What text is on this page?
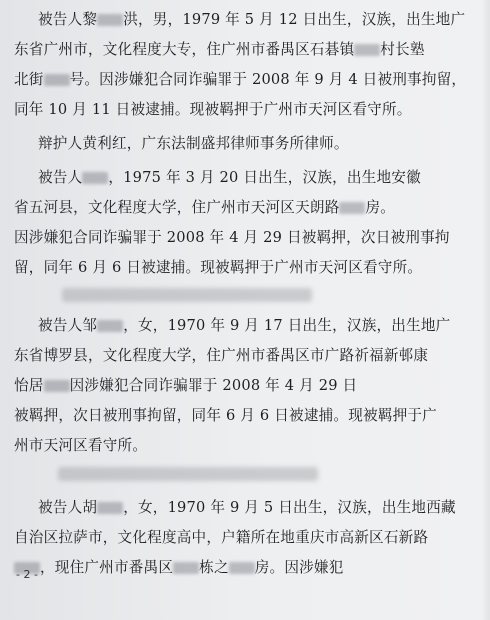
被告人黎 洪，男，1979 年 5 月 12 日出生，汉族，出生地广
东省广州市，文化程度大专，住广州市番禺区石碁镇 村长塾
北街 号。因涉嫌犯合同诈骗罪于 2008 年 9 月 4 日被刑事拘留，
同年 10 月 11 日被逮捕。现被羁押于广州市天河区看守所。
辩护人黄利红，广东法制盛邦律师事务所律师。
被告人 ，1975 年 3 月 20 日出生，汉族，出生地安徽
省五河县，文化程度大学，住广州市天河区天朗路 房。
因涉嫌犯合同诈骗罪于 2008 年 4 月 29 日被羁押，次日被刑事拘
留，同年 6 月 6 日被逮捕。现被羁押于广州市天河区看守所。
被告人邹 ，女，1970 年 9 月 17 日出生，汉族，出生地广
东省博罗县，文化程度大学，住广州市番禺区市广路祈福新邨康
怡居 因涉嫌犯合同诈骗罪于 2008 年 4 月 29 日
被羁押，次日被刑事拘留，同年 6 月 6 日被逮捕。现被羁押于广
州市天河区看守所。
被告人胡 ，女，1970 年 9 月 5 日出生，汉族，出生地西藏
自治区拉萨市，文化程度高中，户籍所在地重庆市高新区石新路
，现住广州市番禺区 栋之 房。因涉嫌犯
- 2 -
